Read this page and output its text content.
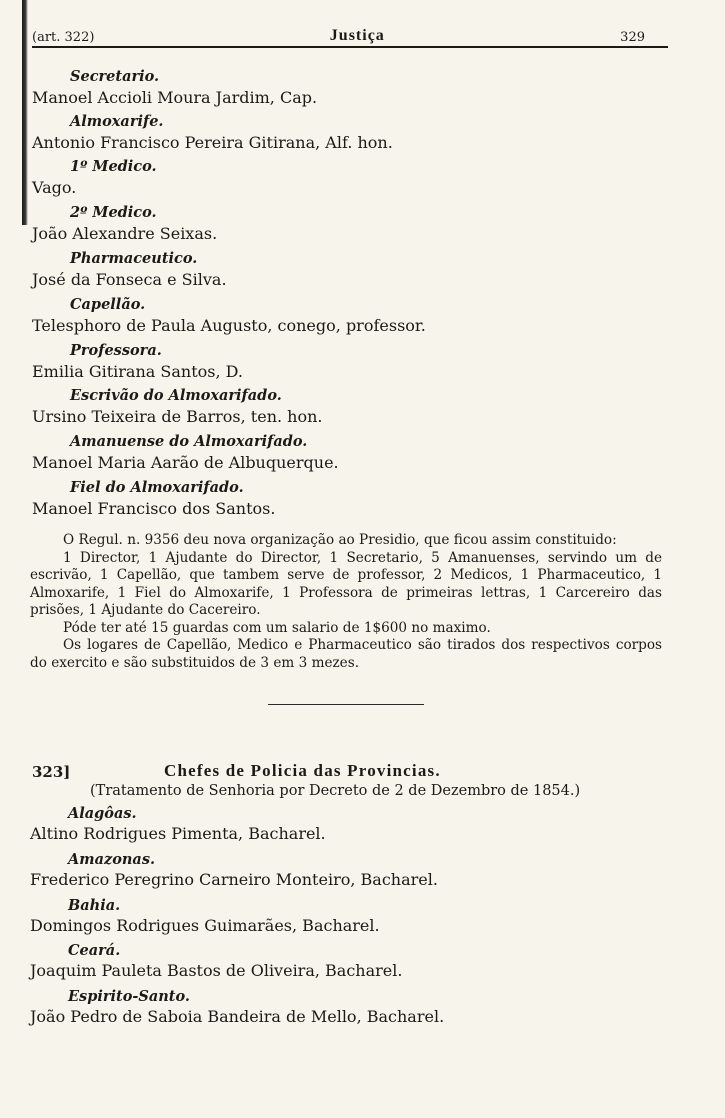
(art. 322)	Justiça	329
Secretario.
Manoel Accioli Moura Jardim, Cap.
Almoxarife.
Antonio Francisco Pereira Gitirana, Alf. hon.
1º Medico.
Vago.
2º Medico.
João Alexandre Seixas.
Pharmaceutico.
José da Fonseca e Silva.
Capellão.
Telesphoro de Paula Augusto, conego, professor.
Professora.
Emilia Gitirana Santos, D.
Escrivão do Almoxarifado.
Ursino Teixeira de Barros, ten. hon.
Amanuense do Almoxarifado.
Manoel Maria Aarão de Albuquerque.
Fiel do Almoxarifado.
Manoel Francisco dos Santos.

O Regul. n. 9356 deu nova organização ao Presidio, que ficou assim constituido:

1 Director, 1 Ajudante do Director, 1 Secretario, 5 Amanuenses, servindo um de escrivão, 1 Capellão, que tambem serve de professor, 2 Medicos, 1 Pharmaceutico, 1 Almoxarife, 1 Fiel do Almoxarife, 1 Professora de primeiras lettras, 1 Carcereiro das prisões, 1 Ajudante do Cacereiro.

Póde ter até 15 guardas com um salario de 1$600 no maximo.

Os logares de Capellão, Medico e Pharmaceutico são tirados dos respectivos corpos do exercito e são substituidos de 3 em 3 mezes.

323]	Chefes de Policia das Provincias.
(Tratamento de Senhoria por Decreto de 2 de Dezembro de 1854.)
Alagôas.
Altino Rodrigues Pimenta, Bacharel.
Amazonas.
Frederico Peregrino Carneiro Monteiro, Bacharel.
Bahia.
Domingos Rodrigues Guimarães, Bacharel.
Ceará.
Joaquim Pauleta Bastos de Oliveira, Bacharel.
Espirito-Santo.
João Pedro de Saboia Bandeira de Mello, Bacharel.
